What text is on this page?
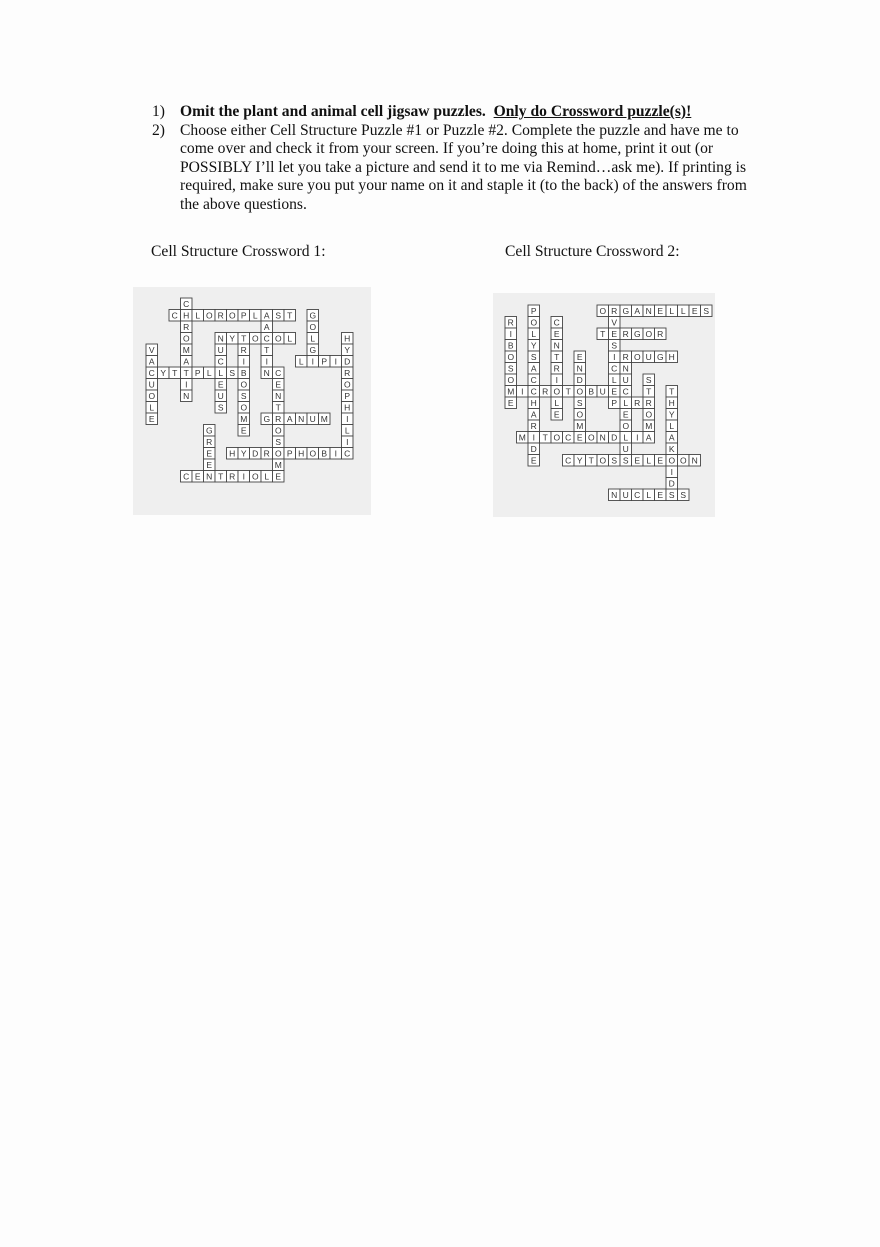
1) Omit the plant and animal cell jigsaw puzzles. Only do Crossword puzzle(s)!
2) Choose either Cell Structure Puzzle #1 or Puzzle #2. Complete the puzzle and have me to come over and check it from your screen. If you’re doing this at home, print it out (or POSSIBLY I’ll let you take a picture and send it to me via Remind…ask me). If printing is required, make sure you put your name on it and staple it (to the back) of the answers from the above questions.
Cell Structure Crossword 1:	Cell Structure Crossword 2:
C H L O R O P L A S T
N Y T O C O L
L I P I D
C Y T T P L L S B
G R A N U M
H Y D R O P H O B I C
C E N T R I O L E
C
R
O
M
A
I
N
U
C
E
U
S
R
I
O
S
O
M
E
V
A
U
O
L
E
G
O
L
G
H
Y
R
O
P
H
I
L
I
A
T
I
N C
E
N
T
O
S
M
G
R
E
E
O R G A N E L L E S
T E R G O R
R O U G H
M I C R O T O B U E C
P L R R
M I T O C E O N D L I A
C Y T O S S E L E O O N
N U C L E S S
R
I
B
O
S
O
E
P
O
L
Y
S
A
C
H
A
R
D
E
C
E
N
T
R
I
L
E
V
S
I
C
L
E
N
D
S
O
M
N
U
E
O
U
S
T
O
M
T
H
Y
L
A
K
I
D
